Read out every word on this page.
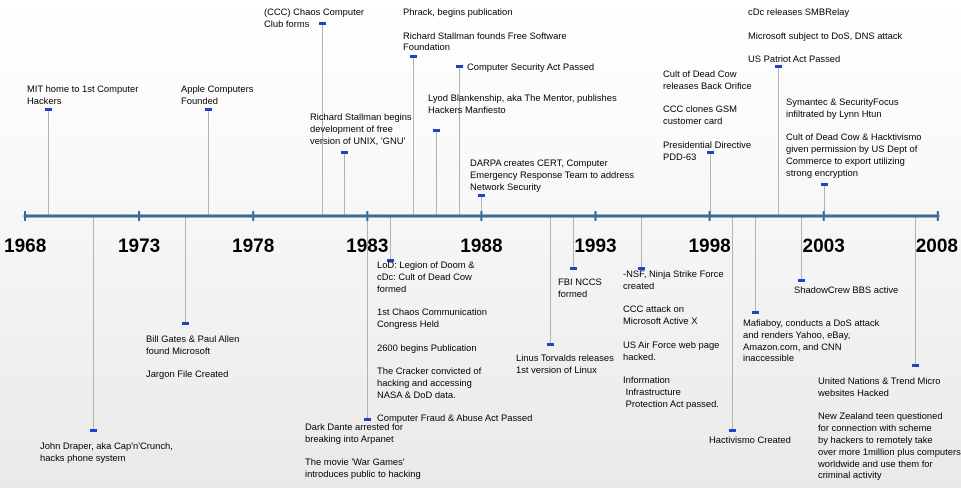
1968	1973	1978	1983	1988	1993	1998	2003	2008
MIT home to 1st Computer
Hackers
John Draper, aka Cap'n'Crunch,
hacks phone system
Bill Gates & Paul Allen
found Microsoft

Jargon File Created
Apple Computers
Founded
(CCC) Chaos Computer
Club forms
Richard Stallman begins
development of free
version of UNIX, 'GNU'
Dark Dante arrested for
breaking into Arpanet

The movie 'War Games'
introduces public to hacking
LoD: Legion of Doom &
cDc: Cult of Dead Cow
formed

1st Chaos Communication
Congress Held

2600 begins Publication

The Cracker convicted of
hacking and accessing
NASA & DoD data.

Computer Fraud & Abuse Act Passed
Phrack, begins publication

Richard Stallman founds Free Software
Foundation
Lyod Blankenship, aka The Mentor, publishes
Hackers Manfiesto
Computer Security Act Passed
DARPA creates CERT, Computer
Emergency Response Team to address
Network Security
Linus Torvalds releases
1st version of Linux
FBI NCCS
formed
-NSF, Ninja Strike Force
created

CCC attack on
Microsoft Active X

US Air Force web page
hacked.

Information
Infrastructure
Protection Act passed.
Cult of Dead Cow
releases Back Orifice

CCC clones GSM
customer card

Presidential Directive
PDD-63
Hactivismo Created
Mafiaboy, conducts a DoS attack
and renders Yahoo, eBay,
Amazon.com, and CNN
inaccessible
cDc releases SMBRelay

Microsoft subject to DoS, DNS attack

US Patriot Act Passed
ShadowCrew BBS active
Symantec & SecurityFocus
infiltrated by Lynn Htun

Cult of Dead Cow & Hacktivismo
given permission by US Dept of
Commerce to export utilizing
strong encryption
United Nations & Trend Micro
websites Hacked

New Zealand teen questioned
for connection with scheme
by hackers to remotely take
over more 1million plus computers
worldwide and use them for
criminal activity
